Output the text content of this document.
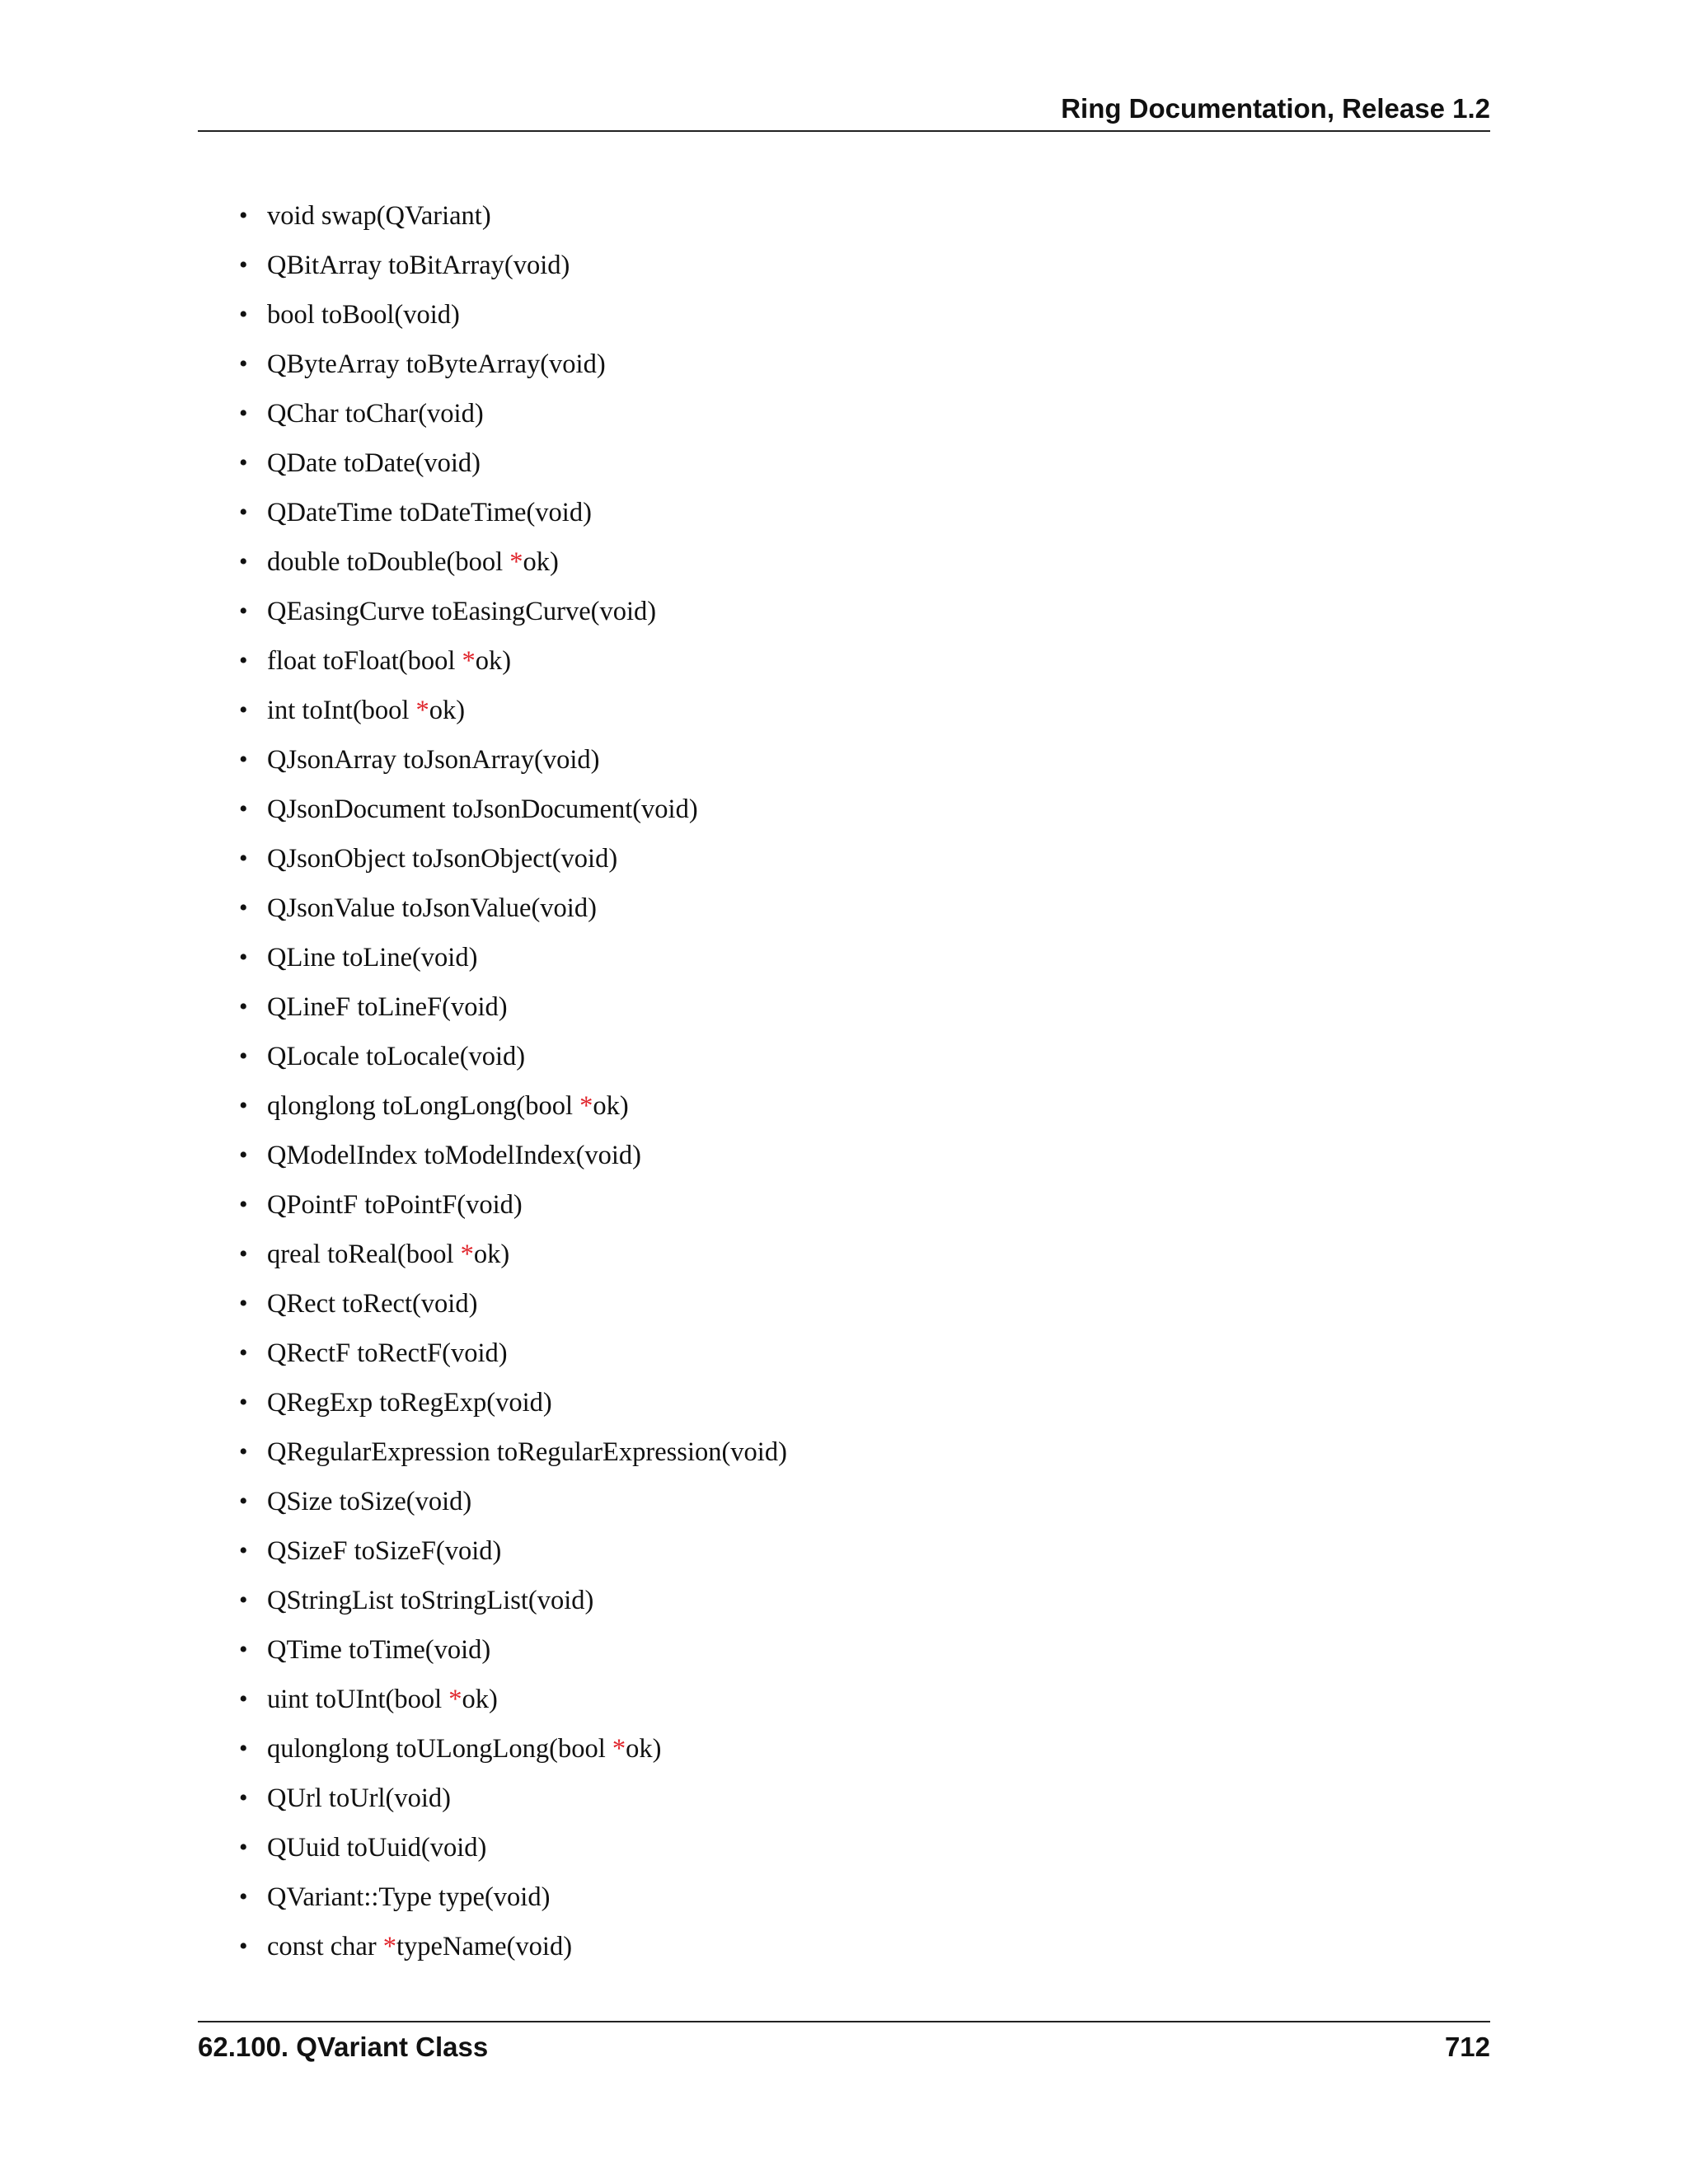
Ring Documentation, Release 1.2
• void swap(QVariant)
• QBitArray toBitArray(void)
• bool toBool(void)
• QByteArray toByteArray(void)
• QChar toChar(void)
• QDate toDate(void)
• QDateTime toDateTime(void)
• double toDouble(bool *ok)
• QEasingCurve toEasingCurve(void)
• float toFloat(bool *ok)
• int toInt(bool *ok)
• QJsonArray toJsonArray(void)
• QJsonDocument toJsonDocument(void)
• QJsonObject toJsonObject(void)
• QJsonValue toJsonValue(void)
• QLine toLine(void)
• QLineF toLineF(void)
• QLocale toLocale(void)
• qlonglong toLongLong(bool *ok)
• QModelIndex toModelIndex(void)
• QPointF toPointF(void)
• qreal toReal(bool *ok)
• QRect toRect(void)
• QRectF toRectF(void)
• QRegExp toRegExp(void)
• QRegularExpression toRegularExpression(void)
• QSize toSize(void)
• QSizeF toSizeF(void)
• QStringList toStringList(void)
• QTime toTime(void)
• uint toUInt(bool *ok)
• qulonglong toULongLong(bool *ok)
• QUrl toUrl(void)
• QUuid toUuid(void)
• QVariant::Type type(void)
• const char *typeName(void)
62.100. QVariant Class	712
